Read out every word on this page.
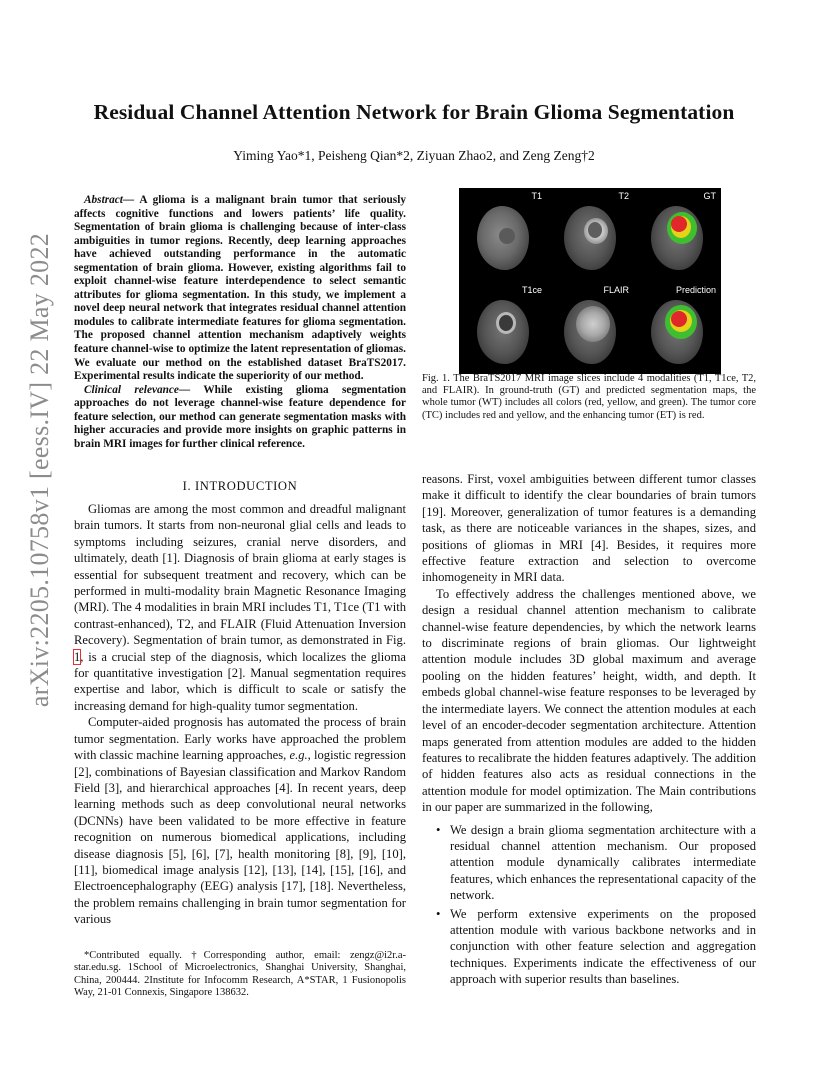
arXiv:2205.10758v1 [eess.IV] 22 May 2022
Residual Channel Attention Network for Brain Glioma Segmentation
Yiming Yao*1, Peisheng Qian*2, Ziyuan Zhao2, and Zeng Zeng†2

Abstract— A glioma is a malignant brain tumor that seriously affects cognitive functions and lowers patients’ life quality. Segmentation of brain glioma is challenging because of inter-class ambiguities in tumor regions. Recently, deep learning approaches have achieved outstanding performance in the automatic segmentation of brain glioma. However, existing algorithms fail to exploit channel-wise feature interdependence to select semantic attributes for glioma segmentation. In this study, we implement a novel deep neural network that integrates residual channel attention modules to calibrate intermediate features for glioma segmentation. The proposed channel attention mechanism adaptively weights feature channel-wise to optimize the latent representation of gliomas. We evaluate our method on the established dataset BraTS2017. Experimental results indicate the superiority of our method.

Clinical relevance— While existing glioma segmentation approaches do not leverage channel-wise feature dependence for feature selection, our method can generate segmentation masks with higher accuracies and provide more insights on graphic patterns in brain MRI images for further clinical reference.

I. INTRODUCTION

Gliomas are among the most common and dreadful malignant brain tumors. It starts from non-neuronal glial cells and leads to symptoms including seizures, cranial nerve disorders, and ultimately, death [1]. Diagnosis of brain glioma at early stages is essential for subsequent treatment and recovery, which can be performed in multi-modality brain Magnetic Resonance Imaging (MRI). The 4 modalities in brain MRI includes T1, T1ce (T1 with contrast-enhanced), T2, and FLAIR (Fluid Attenuation Inversion Recovery). Segmentation of brain tumor, as demonstrated in Fig. 1, is a crucial step of the diagnosis, which localizes the glioma for quantitative investigation [2]. Manual segmentation requires expertise and labor, which is difficult to scale or satisfy the increasing demand for high-quality tumor segmentation.

Computer-aided prognosis has automated the process of brain tumor segmentation. Early works have approached the problem with classic machine learning approaches, e.g., logistic regression [2], combinations of Bayesian classification and Markov Random Field [3], and hierarchical approaches [4]. In recent years, deep learning methods such as deep convolutional neural networks (DCNNs) have been validated to be more effective in feature recognition on numerous biomedical applications, including disease diagnosis [5], [6], [7], health monitoring [8], [9], [10], [11], biomedical image analysis [12], [13], [14], [15], [16], and Electroencephalography (EEG) analysis [17], [18]. Nevertheless, the problem remains challenging in brain tumor segmentation for various

*Contributed equally. †Corresponding author, email: zengz@i2r.a-star.edu.sg. 1School of Microelectronics, Shanghai University, Shanghai, China, 200444. 2Institute for Infocomm Research, A*STAR, 1 Fusionopolis Way, 21-01 Connexis, Singapore 138632.
T1	T2	GT
T1ce	FLAIR	Prediction
Fig. 1. The BraTS2017 MRI image slices include 4 modalities (T1, T1ce, T2, and FLAIR). In ground-truth (GT) and predicted segmentation maps, the whole tumor (WT) includes all colors (red, yellow, and green). The tumor core (TC) includes red and yellow, and the enhancing tumor (ET) is red.

reasons. First, voxel ambiguities between different tumor classes make it difficult to identify the clear boundaries of brain tumors [19]. Moreover, generalization of tumor features is a demanding task, as there are noticeable variances in the shapes, sizes, and positions of gliomas in MRI [4]. Besides, it requires more effective feature extraction and selection to overcome inhomogeneity in MRI data.

To effectively address the challenges mentioned above, we design a residual channel attention mechanism to calibrate channel-wise feature dependencies, by which the network learns to discriminate regions of brain gliomas. Our lightweight attention module includes 3D global maximum and average pooling on the hidden features’ height, width, and depth. It embeds global channel-wise feature responses to be leveraged by the intermediate layers. We connect the attention modules at each level of an encoder-decoder segmentation architecture. Attention maps generated from attention modules are added to the hidden features to recalibrate the hidden features adaptively. The addition of hidden features also acts as residual connections in the attention module for model optimization. The Main contributions in our paper are summarized in the following,

• We design a brain glioma segmentation architecture with a residual channel attention mechanism. Our proposed attention module dynamically calibrates intermediate features, which enhances the representational capacity of the network.
• We perform extensive experiments on the proposed attention module with various backbone networks and in conjunction with other feature selection and aggregation techniques. Experiments indicate the effectiveness of our approach with superior results than baselines.
